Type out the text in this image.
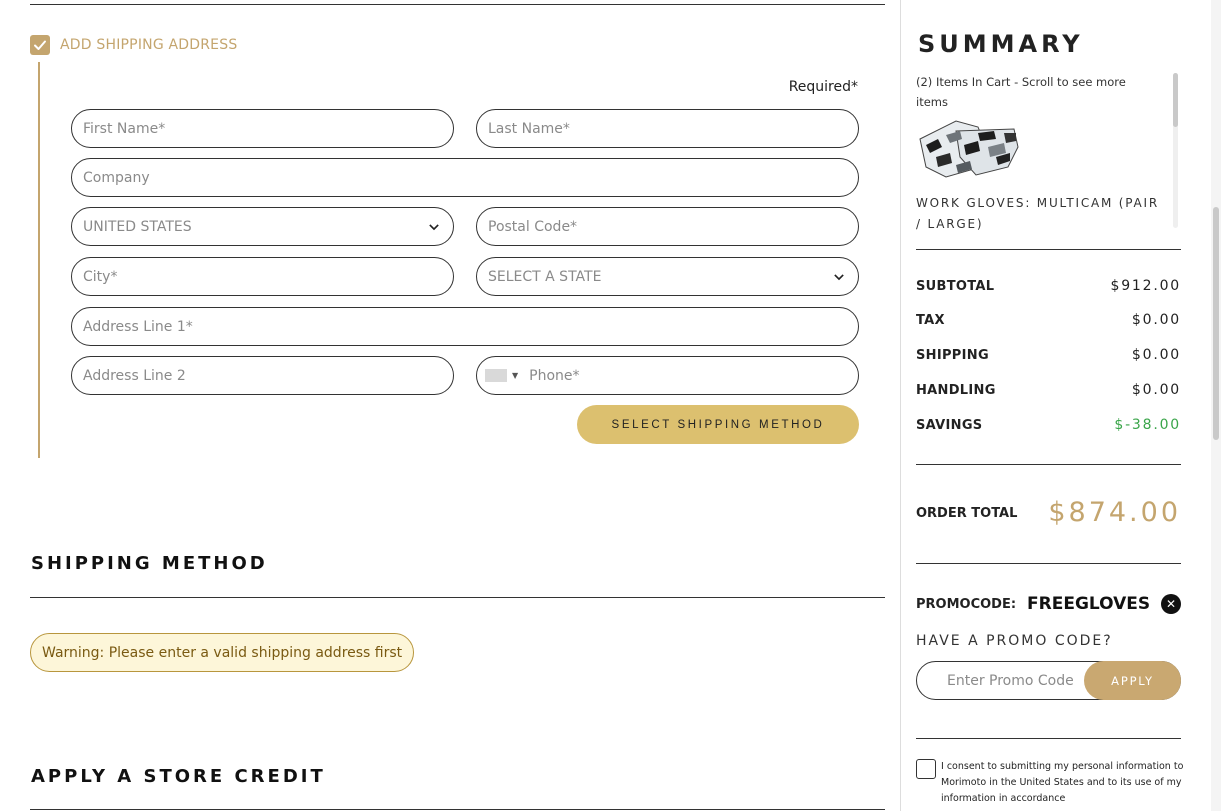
ADD SHIPPING ADDRESS
Required*
First Name*	Last Name*
Company
UNITED STATES	Postal Code*
City*	SELECT A STATE
Address Line 1*
Address Line 2	▼ Phone*
SELECT SHIPPING METHOD
SHIPPING METHOD
Warning: Please enter a valid shipping address first
APPLY A STORE CREDIT
SUMMARY
(2) Items In Cart - Scroll to see more items
WORK GLOVES: MULTICAM (PAIR / LARGE)
SUBTOTAL	$912.00
TAX	$0.00
SHIPPING	$0.00
HANDLING	$0.00
SAVINGS	$-38.00
ORDER TOTAL	$874.00
PROMOCODE: FREEGLOVES	✕
HAVE A PROMO CODE?
Enter Promo Code	APPLY
I consent to submitting my personal information to Morimoto in the United States and to its use of my information in accordance
